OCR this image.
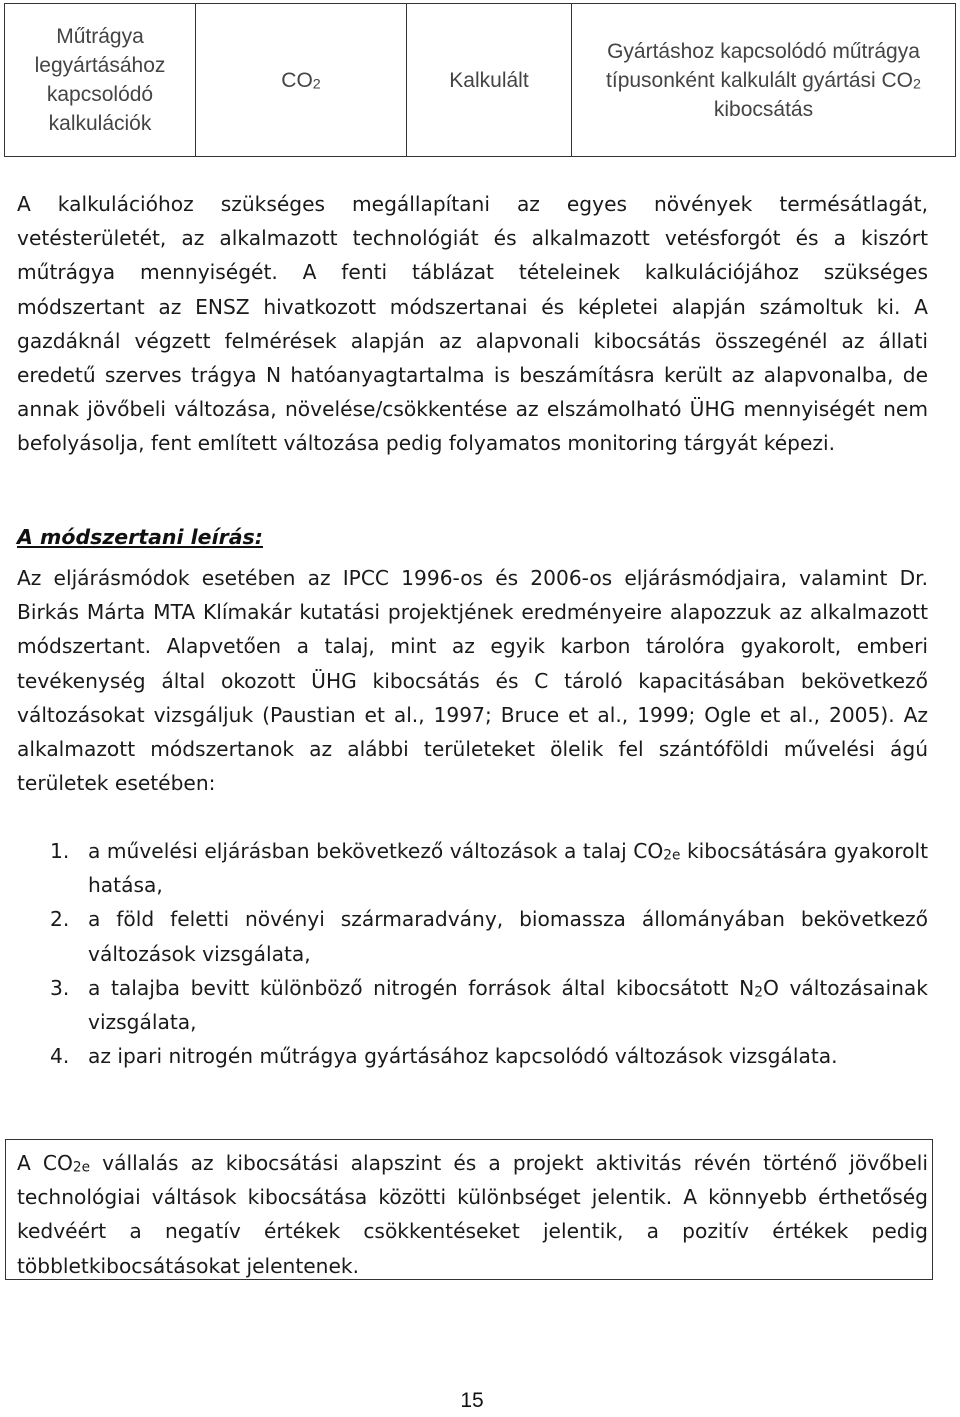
Műtrágya legyártásához kapcsolódó kalkulációk	$CO_2$	Kalkulált	Gyártáshoz kapcsolódó műtrágya típusonként kalkulált gyártási $CO_2$ kibocsátás
A kalkulációhoz szükséges megállapítani az egyes növények termésátlagát, vetésterületét, az alkalmazott technológiát és alkalmazott vetésforgót és a kiszórt műtrágya mennyiségét. A fenti táblázat tételeinek kalkulációjához szükséges módszertant az ENSZ hivatkozott módszertanai és képletei alapján számoltuk ki. A gazdáknál végzett felmérések alapján az alapvonali kibocsátás összegénél az állati eredetű szerves trágya N hatóanyagtartalma is beszámításra került az alapvonalba, de annak jövőbeli változása, növelése/csökkentése az elszámolható ÜHG mennyiségét nem befolyásolja, fent említett változása pedig folyamatos monitoring tárgyát képezi.
A módszertani leírás:
Az eljárásmódok esetében az IPCC 1996-os és 2006-os eljárásmódjaira, valamint Dr. Birkás Márta MTA Klímakár kutatási projektjének eredményeire alapozzuk az alkalmazott módszertant. Alapvetően a talaj, mint az egyik karbon tárolóra gyakorolt, emberi tevékenység által okozott ÜHG kibocsátás és C tároló kapacitásában bekövetkező változásokat vizsgáljuk (Paustian et al., 1997; Bruce et al., 1999; Ogle et al., 2005). Az alkalmazott módszertanok az alábbi területeket ölelik fel szántóföldi művelési ágú területek esetében:
1. a művelési eljárásban bekövetkező változások a talaj $CO_{2e}$ kibocsátására gyakorolt hatása,
2. a föld feletti növényi szármaradvány, biomassza állományában bekövetkező változások vizsgálata,
3. a talajba bevitt különböző nitrogén források által kibocsátott $N_2O$ változásainak vizsgálata,
4. az ipari nitrogén műtrágya gyártásához kapcsolódó változások vizsgálata.
A $CO_{2e}$ vállalás az kibocsátási alapszint és a projekt aktivitás révén történő jövőbeli technológiai váltások kibocsátása közötti különbséget jelentik. A könnyebb érthetőség kedvéért a negatív értékek csökkentéseket jelentik, a pozitív értékek pedig többletkibocsátásokat jelentenek.
15
